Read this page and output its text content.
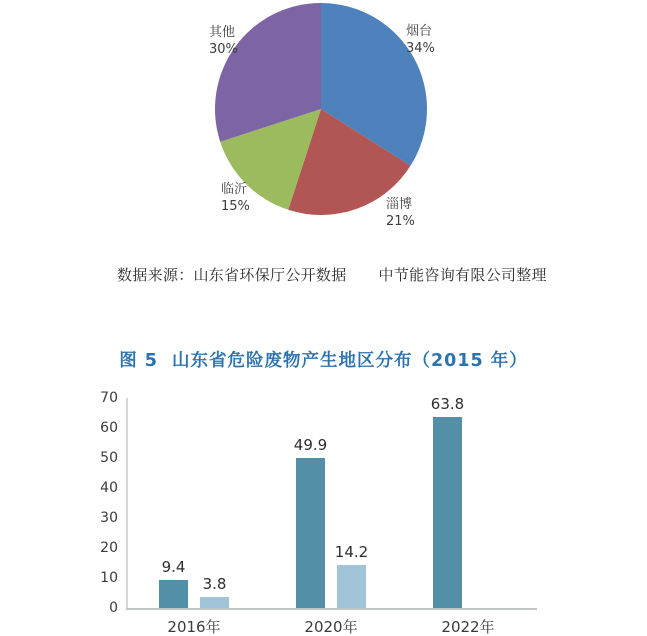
其他
30%
烟台
34%
临沂
15%	淄博
21%

数据来源：山东省环保厅公开数据 中节能咨询有限公司整理

图 5 山东省危险废物产生地区分布（2015 年）
0
10
20
30
40
50
60
70
2016年
9.4
3.8
2020年
49.9
14.2
2022年
63.8
